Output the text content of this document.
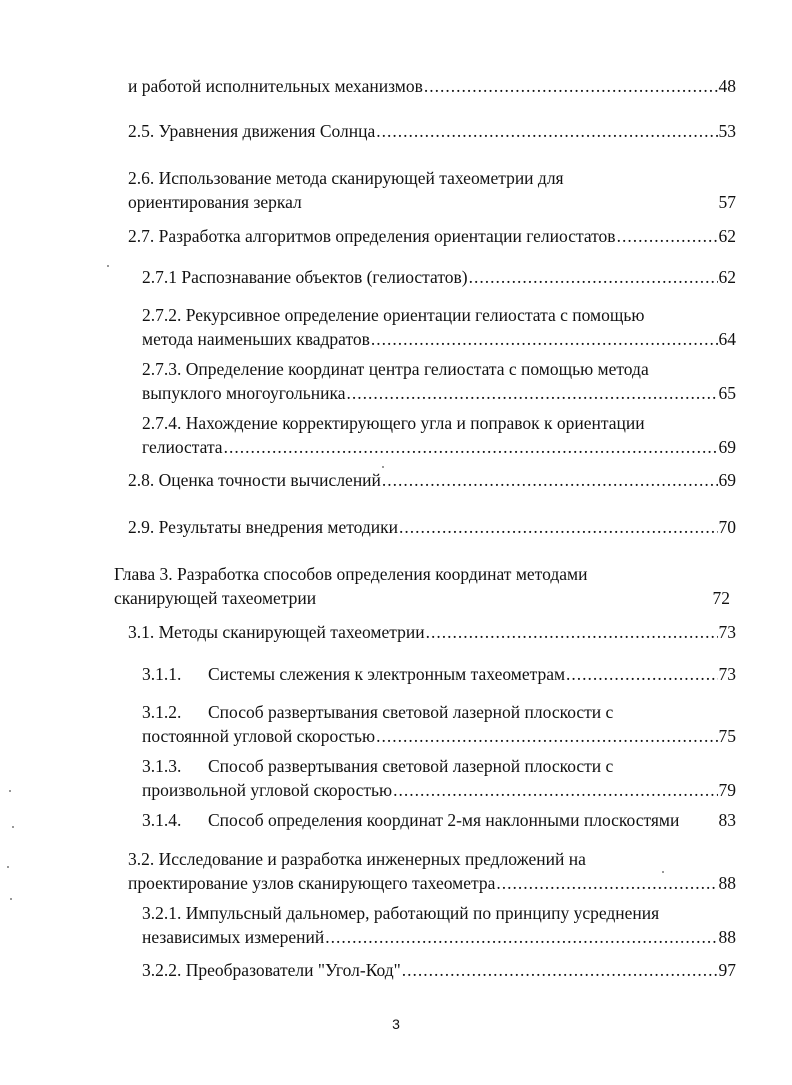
и работой исполнительных механизмов .....	48
2.5. Уравнения движения Солнца .....	53
2.6. Использование метода сканирующей тахеометрии для
ориентирования зеркал	57
2.7. Разработка алгоритмов определения ориентации гелиостатов .....	62
2.7.1 Распознавание объектов (гелиостатов) .....	62
2.7.2. Рекурсивное определение ориентации гелиостата с помощью
метода наименьших квадратов .....	64
2.7.3. Определение координат центра гелиостата с помощью метода
выпуклого многоугольника .....	65
2.7.4. Нахождение корректирующего угла и поправок к ориентации
гелиостата .....	69
2.8. Оценка точности вычислений .....	69
2.9. Результаты внедрения методики .....	70
Глава 3. Разработка способов определения координат методами
сканирующей тахеометрии	72
3.1. Методы сканирующей тахеометрии .....	73
3.1.1. Системы слежения к электронным тахеометрам .....	73
3.1.2. Способ развертывания световой лазерной плоскости с
постоянной угловой скоростью .....	75
3.1.3. Способ развертывания световой лазерной плоскости с
произвольной угловой скоростью .....	79
3.1.4. Способ определения координат 2-мя наклонными плоскостями	83
3.2. Исследование и разработка инженерных предложений на
проектирование узлов сканирующего тахеометра .....	88
3.2.1. Импульсный дальномер, работающий по принципу усреднения
независимых измерений .....	88
3.2.2. Преобразователи "Угол-Код" .....	97
3
